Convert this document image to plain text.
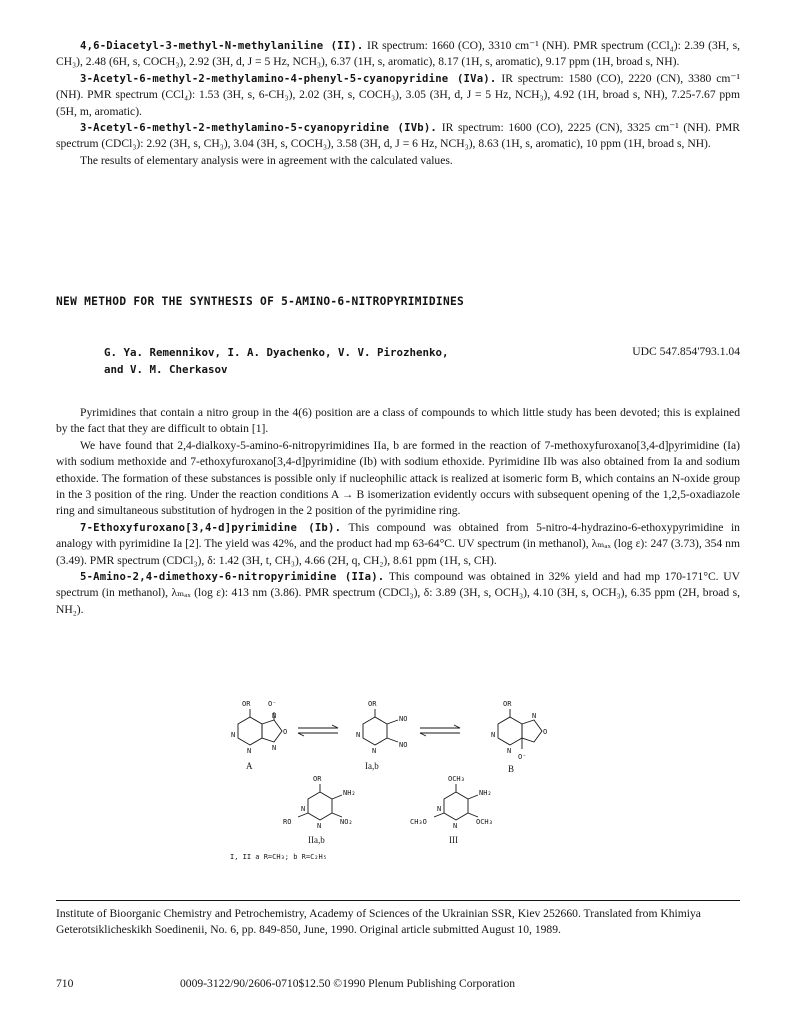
4,6-Diacetyl-3-methyl-N-methylaniline (II). IR spectrum: 1660 (CO), 3310 cm⁻¹ (NH). PMR spectrum (CCl₄): 2.39 (3H, s, CH₃), 2.48 (6H, s, COCH₃), 2.92 (3H, d, J = 5 Hz, NCH₃), 6.37 (1H, s, aromatic), 8.17 (1H, s, aromatic), 9.17 ppm (1H, broad s, NH).

3-Acetyl-6-methyl-2-methylamino-4-phenyl-5-cyanopyridine (IVa). IR spectrum: 1580 (CO), 2220 (CN), 3380 cm⁻¹ (NH). PMR spectrum (CCl₄): 1.53 (3H, s, 6-CH₃), 2.02 (3H, s, COCH₃), 3.05 (3H, d, J = 5 Hz, NCH₃), 4.92 (1H, broad s, NH), 7.25-7.67 ppm (5H, m, aromatic).

3-Acetyl-6-methyl-2-methylamino-5-cyanopyridine (IVb). IR spectrum: 1600 (CO), 2225 (CN), 3325 cm⁻¹ (NH). PMR spectrum (CDCl₃): 2.92 (3H, s, CH₃), 3.04 (3H, s, COCH₃), 3.58 (3H, d, J = 6 Hz, NCH₃), 8.63 (1H, s, aromatic), 10 ppm (1H, broad s, NH).

The results of elementary analysis were in agreement with the calculated values.

NEW METHOD FOR THE SYNTHESIS OF 5-AMINO-6-NITROPYRIMIDINES
G. Ya. Remennikov, I. A. Dyachenko, V. V. Pirozhenko,
and V. M. Cherkasov
UDC 547.854'793.1.04

Pyrimidines that contain a nitro group in the 4(6) position are a class of compounds to which little study has been devoted; this is explained by the fact that they are difficult to obtain [1].

We have found that 2,4-dialkoxy-5-amino-6-nitropyrimidines IIa, b are formed in the reaction of 7-methoxyfuroxano[3,4-d]pyrimidine (Ia) with sodium methoxide and 7-ethoxyfuroxano[3,4-d]pyrimidine (Ib) with sodium ethoxide. Pyrimidine IIb was also obtained from Ia and sodium ethoxide. The formation of these substances is possible only if nucleophilic attack is realized at isomeric form B, which contains an N-oxide group in the 3 position of the ring. Under the reaction conditions A → B isomerization evidently occurs with subsequent opening of the 1,2,5-oxadiazole ring and simultaneous substitution of hydrogen in the 2 position of the pyrimidine ring.

7-Ethoxyfuroxano[3,4-d]pyrimidine (Ib). This compound was obtained from 5-nitro-4-hydrazino-6-ethoxypyrimidine in analogy with pyrimidine Ia [2]. The yield was 42%, and the product had mp 63-64°C. UV spectrum (in methanol), λₘₐₓ (log ε): 247 (3.73), 354 nm (3.49). PMR spectrum (CDCl₃), δ: 1.42 (3H, t, CH₃), 4.66 (2H, q, CH₂), 8.61 ppm (1H, s, CH).

5-Amino-2,4-dimethoxy-6-nitropyrimidine (IIa). This compound was obtained in 32% yield and had mp 170-171°C. UV spectrum (in methanol), λₘₐₓ (log ε): 413 nm (3.86). PMR spectrum (CDCl₃), δ: 3.89 (3H, s, OCH₃), 4.10 (3H, s, OCH₃), 6.35 ppm (2H, broad s, NH₂).

OR	O⁻
N
N
N
N
O
A
OR
N
N
NO
NO
Ia,b
OR
N
N
N
O
O⁻
B
OR
NH₂
N
N
RO	NO₂
IIa,b
OCH₃
NH₂
N
N
CH₃O	OCH₃
III
I, II a R=CH₃; b R=C₂H₅
Institute of Bioorganic Chemistry and Petrochemistry, Academy of Sciences of the Ukrainian SSR, Kiev 252660. Translated from Khimiya Geterotsiklicheskikh Soedinenii, No. 6, pp. 849-850, June, 1990. Original article submitted August 10, 1989.
710	0009-3122/90/2606-0710$12.50 ©1990 Plenum Publishing Corporation
